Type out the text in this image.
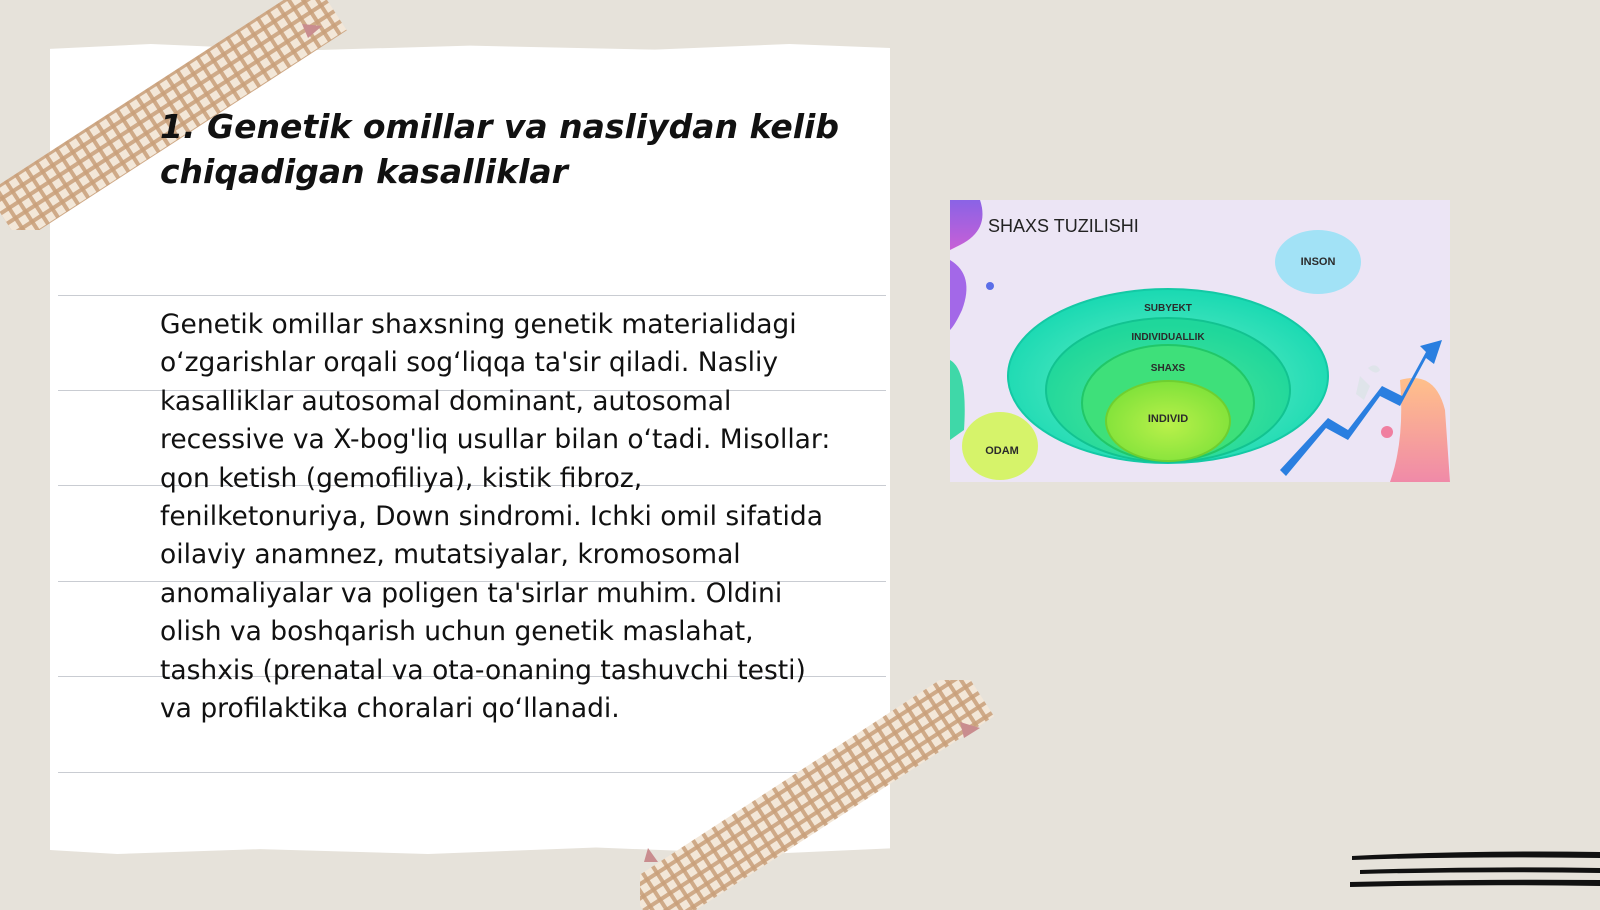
1. Genetik omillar va nasliydan kelib chiqadigan kasalliklar

Genetik omillar shaxsning genetik materialidagi o‘zgarishlar orqali sog‘liqqa ta'sir qiladi. Nasliy kasalliklar autosomal dominant, autosomal recessive va X-bog'liq usullar bilan o‘tadi. Misollar: qon ketish (gemofiliya), kistik fibroz, fenilketonuriya, Down sindromi. Ichki omil sifatida oilaviy anamnez, mutatsiyalar, kromosomal anomaliyalar va poligen ta'sirlar muhim. Oldini olish va boshqarish uchun genetik maslahat, tashxis (prenatal va ota-onaning tashuvchi testi) va profilaktika choralari qo‘llanadi.

SHAXS TUZILISHI
INSON
SUBYEKT
INDIVIDUALLIK
SHAXS
INDIVID
ODAM
